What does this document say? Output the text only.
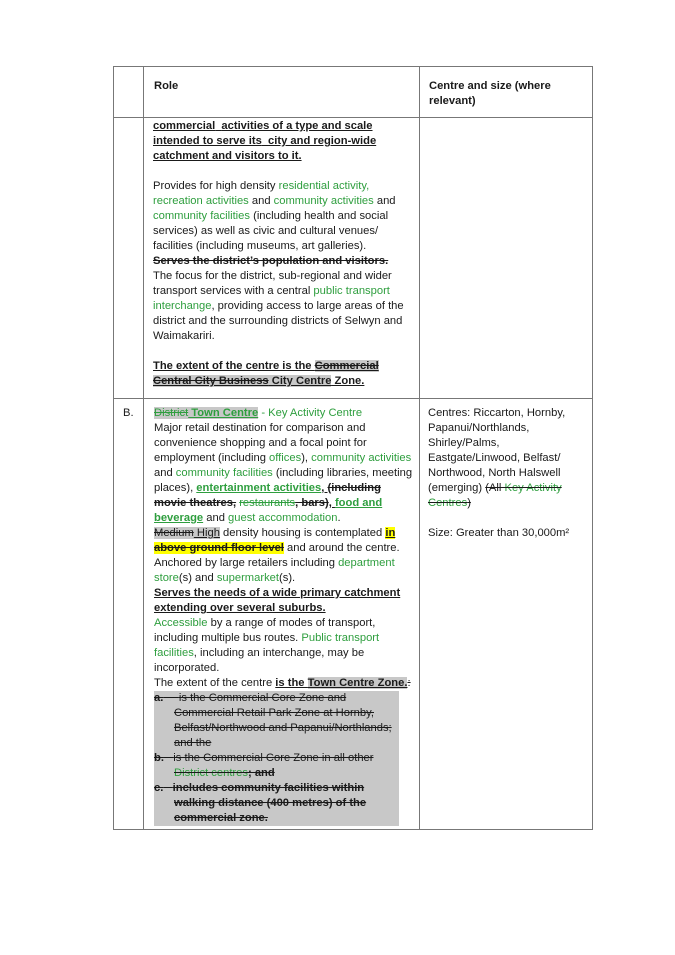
Role	Centre and size (where
relevant)

commercial activities of a type and scale intended to serve its city and region-wide catchment and visitors to it.

Provides for high density residential activity, recreation activities and community activities and community facilities (including health and social services) as well as civic and cultural venues/ facilities (including museums, art galleries).

Serves the district’s population and visitors.

The focus for the district, sub-regional and wider transport services with a central public transport interchange, providing access to large areas of the district and the surrounding districts of Selwyn and Waimakariri.

The extent of the centre is the Commercial Central City Business City Centre Zone.

B. District Town Centre - Key Activity Centre

Major retail destination for comparison and convenience shopping and a focal point for employment (including offices), community activities and community facilities (including libraries, meeting places), entertainment activities, (including movie theatres, restaurants, bars), food and beverage and guest accommodation.

Medium High density housing is contemplated in above ground floor level and around the centre.

Anchored by large retailers including department store(s) and supermarket(s).

Serves the needs of a wide primary catchment extending over several suburbs.

Accessible by a range of modes of transport, including multiple bus routes. Public transport facilities, including an interchange, may be incorporated.

The extent of the centre is the Town Centre Zone.:

a. is the Commercial Core Zone and Commercial Retail Park Zone at Hornby, Belfast/Northwood and Papanui/Northlands; and the

b. is the Commercial Core Zone in all other District centres; and

c. includes community facilities within walking distance (400 metres) of the commercial zone.

Centres: Riccarton, Hornby, Papanui/Northlands, Shirley/Palms, Eastgate/Linwood, Belfast/ Northwood, North Halswell (emerging) (All Key Activity Centres)

Size: Greater than 30,000m²
